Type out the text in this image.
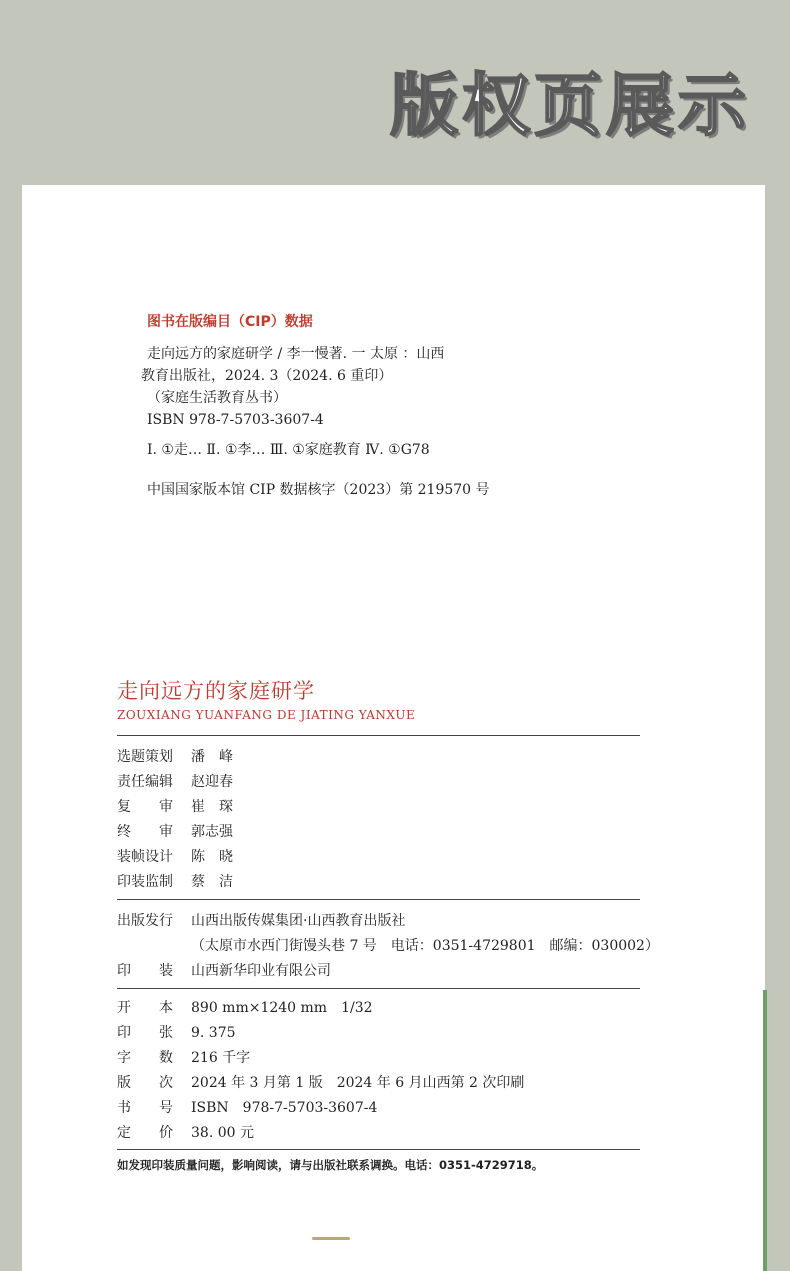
版权页展示
图书在版编目（CIP）数据
走向远方的家庭研学 / 李一慢著. 一 太原 ：山西
教育出版社，2024. 3（2024. 6 重印）
（家庭生活教育丛书）
ISBN 978-7-5703-3607-4
Ⅰ. ①走… Ⅱ. ①李… Ⅲ. ①家庭教育 Ⅳ. ①G78
中国国家版本馆 CIP 数据核字（2023）第 219570 号
走向远方的家庭研学
ZOUXIANG YUANFANG DE JIATING YANXUE
选题策划	潘　峰
责任编辑	赵迎春
复　　审	崔　琛
终　　审	郭志强
装帧设计	陈　晓
印装监制	蔡　洁
出版发行	山西出版传媒集团·山西教育出版社
（太原市水西门街馒头巷 7 号　电话：0351-4729801　邮编：030002）
印　　装	山西新华印业有限公司
开　　本	890 mm×1240 mm　1/32
印　　张	9. 375
字　　数	216 千字
版　　次	2024 年 3 月第 1 版　2024 年 6 月山西第 2 次印刷
书　　号	ISBN　978-7-5703-3607-4
定　　价	38. 00 元
如发现印装质量问题，影响阅读，请与出版社联系调换。电话：0351-4729718。
